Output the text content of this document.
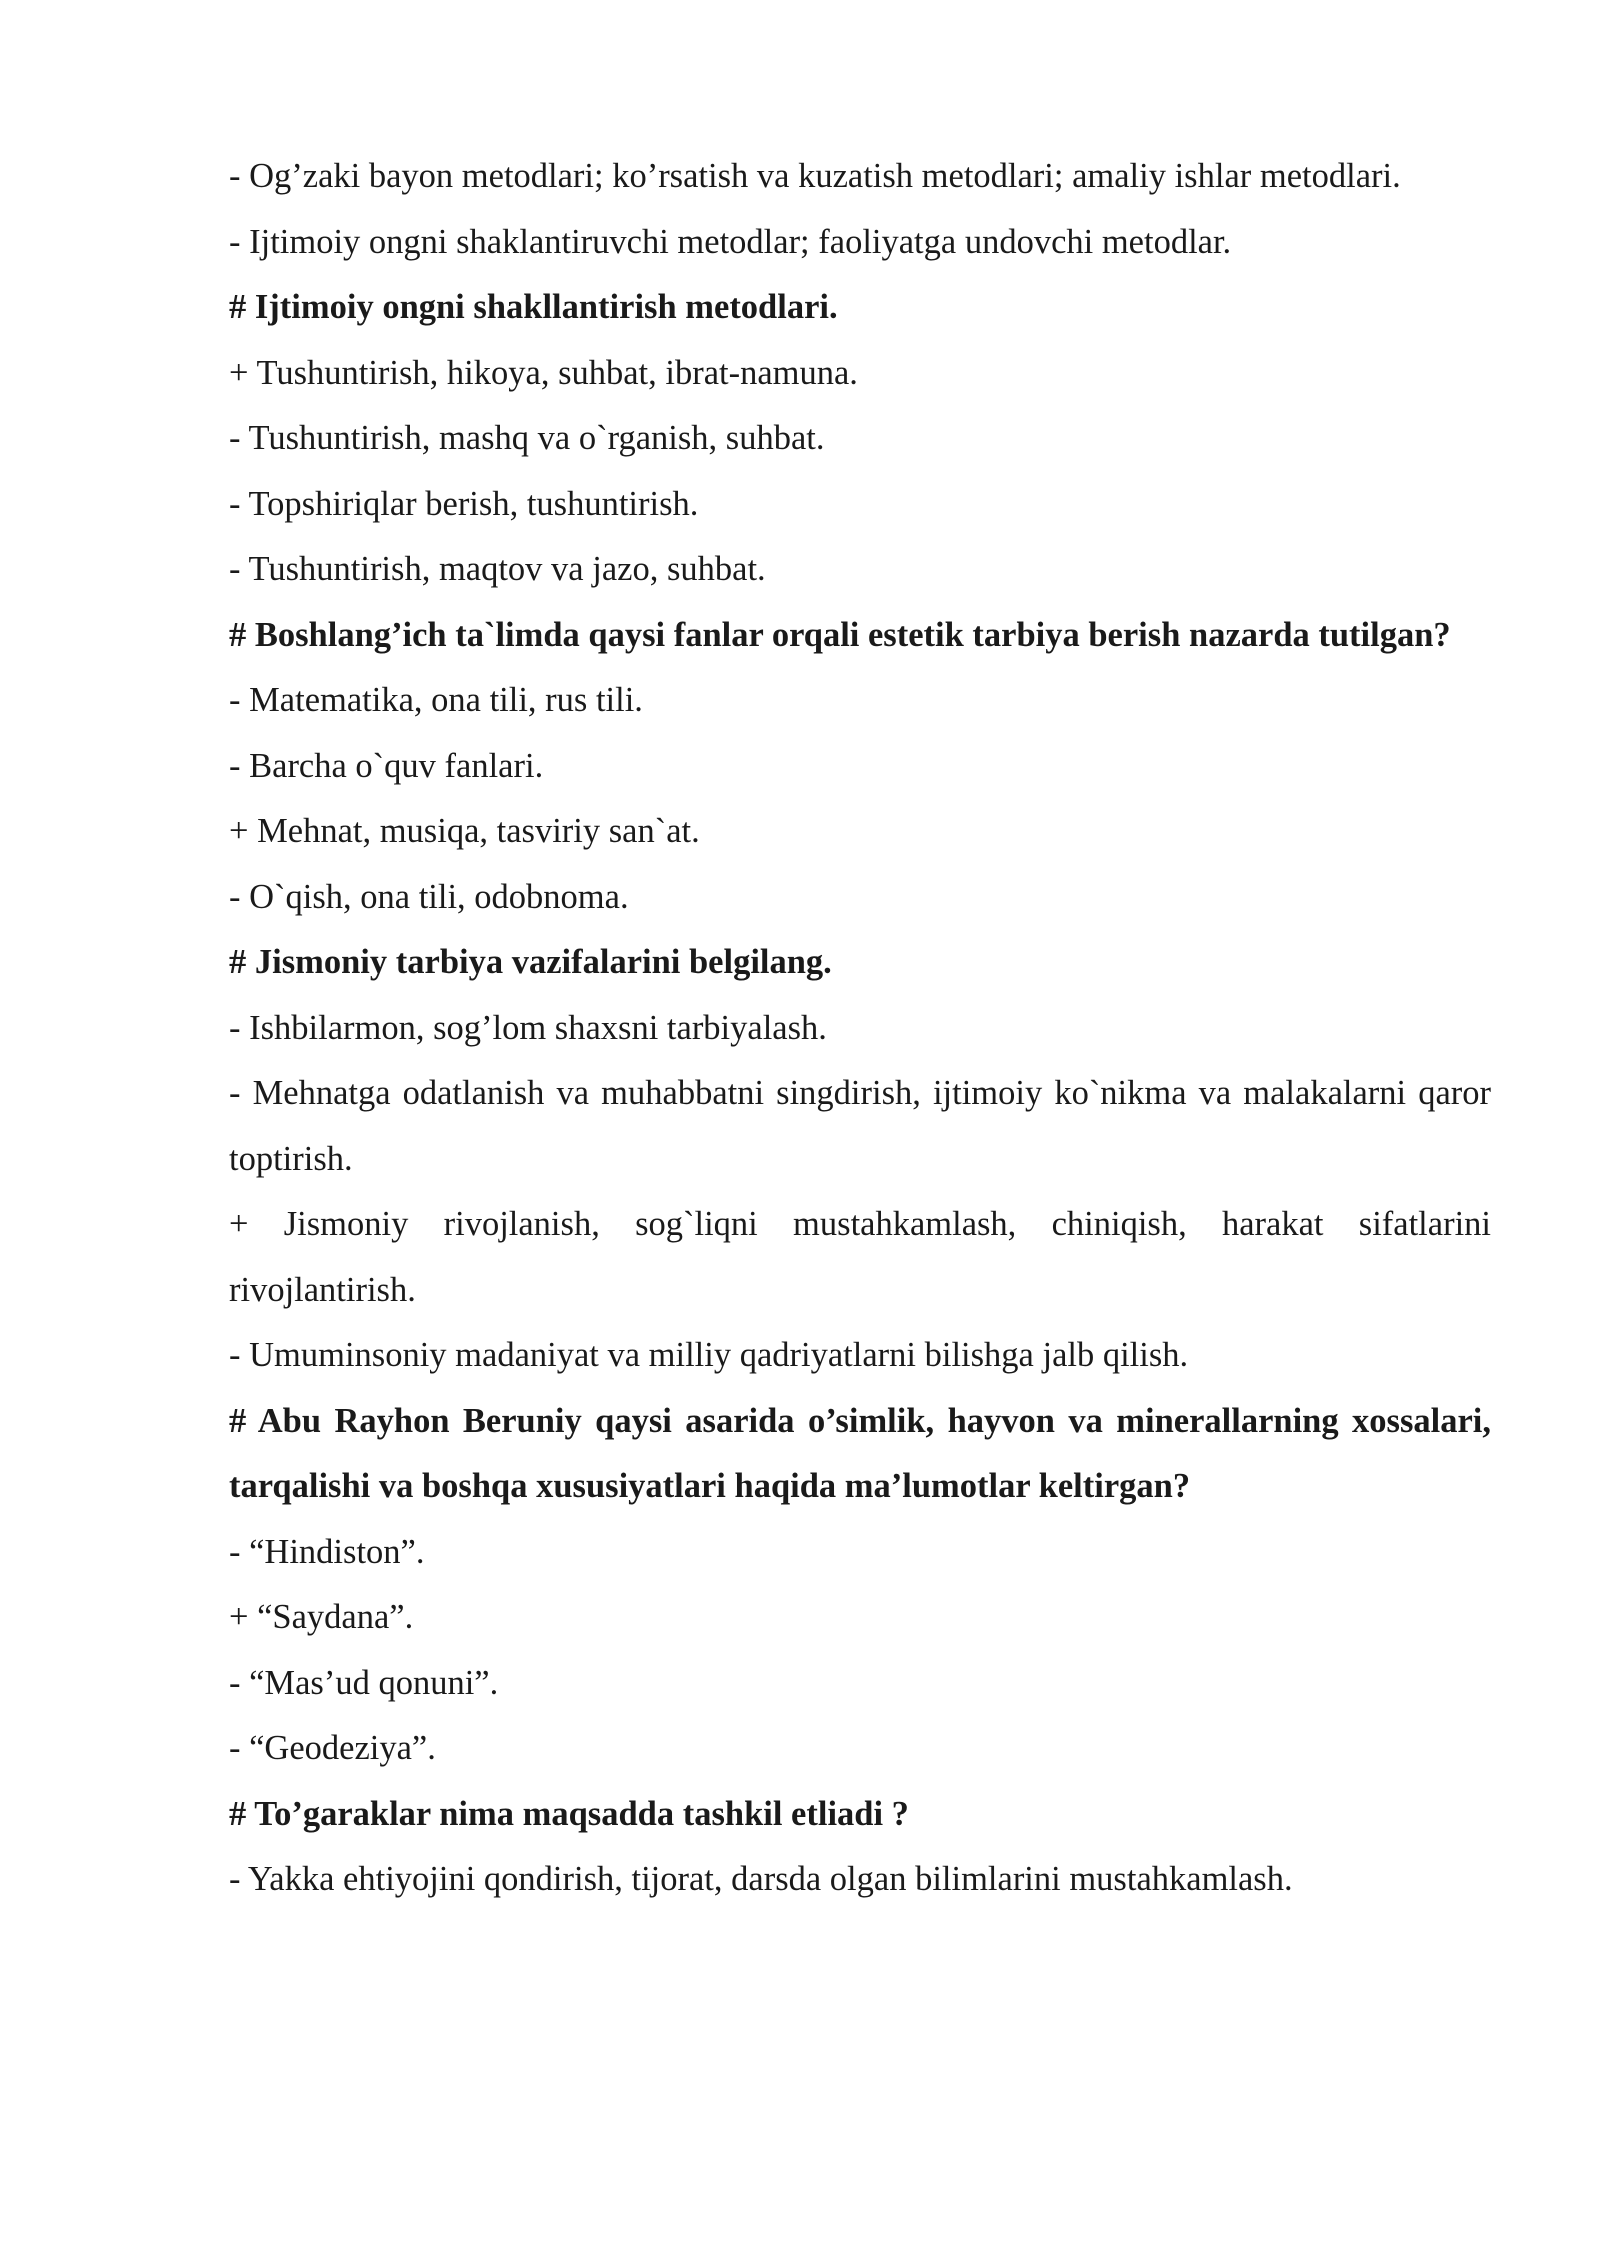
- Og’zaki bayon metodlari; ko’rsatish va kuzatish metodlari; amaliy ishlar metodlari.

- Ijtimoiy ongni shaklantiruvchi metodlar; faoliyatga undovchi metodlar.

# Ijtimoiy ongni shakllantirish metodlari.

+ Tushuntirish, hikoya, suhbat, ibrat-namuna.

- Tushuntirish, mashq va o`rganish, suhbat.

- Topshiriqlar berish, tushuntirish.

- Tushuntirish, maqtov va jazo, suhbat.

# Boshlang’ich ta`limda qaysi fanlar orqali estetik tarbiya berish nazarda tutilgan?

- Matematika, ona tili, rus tili.

- Barcha o`quv fanlari.

+ Mehnat, musiqa, tasviriy san`at.

- O`qish, ona tili, odobnoma.

# Jismoniy tarbiya vazifalarini belgilang.

- Ishbilarmon, sog’lom shaxsni tarbiyalash.

- Mehnatga odatlanish va muhabbatni singdirish, ijtimoiy ko`nikma va malakalarni qaror toptirish.

+ Jismoniy rivojlanish, sog`liqni mustahkamlash, chiniqish, harakat sifatlarini rivojlantirish.

- Umuminsoniy madaniyat va milliy qadriyatlarni bilishga jalb qilish.

# Abu Rayhon Beruniy qaysi asarida o’simlik, hayvon va minerallarning xossalari, tarqalishi va boshqa xususiyatlari haqida ma’lumotlar keltirgan?

- “Hindiston”.

+ “Saydana”.

- “Mas’ud qonuni”.

- “Geodeziya”.

# To’garaklar nima maqsadda tashkil etliadi ?

- Yakka ehtiyojini qondirish, tijorat, darsda olgan bilimlarini mustahkamlash.
